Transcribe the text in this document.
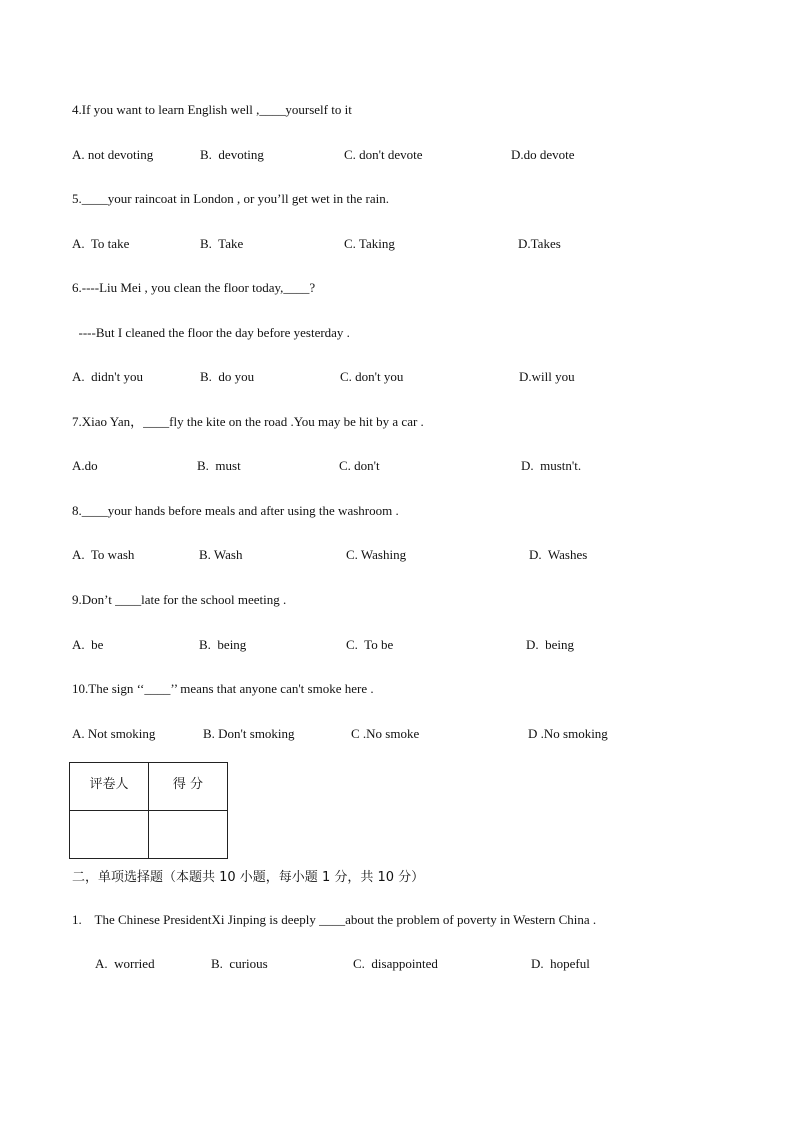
4.If you want to learn English well ,____yourself to it
A. not devoting	B.  devoting	C. don't devote	D.do devote
5.____your raincoat in London , or you’ll get wet in the rain.
A.  To take	B.  Take	C. Taking	D.Takes
6.----Liu Mei , you clean the floor today,____?
----But I cleaned the floor the day before yesterday .
A.  didn't you	B.  do you	C. don't you	D.will you
7.Xiao Yan，____fly the kite on the road .You may be hit by a car .
A.do	B.  must	C. don't	D.  mustn't.
8.____your hands before meals and after using the washroom .
A.  To wash	B. Wash	C. Washing	D.  Washes
9.Don’t ____late for the school meeting .
A.  be	B.  being	C.  To be	D.  being
10.The sign ‘‘____’’ means that anyone can't smoke here .
A. Not smoking	B. Don't smoking	C .No smoke	D .No smoking
评卷人	得 分

二，单项选择题（本题共 10 小题，每小题 1 分，共 10 分）
1.    The Chinese PresidentXi Jinping is deeply ____about the problem of poverty in Western China .
A.  worried	B.  curious	C.  disappointed	D.  hopeful
